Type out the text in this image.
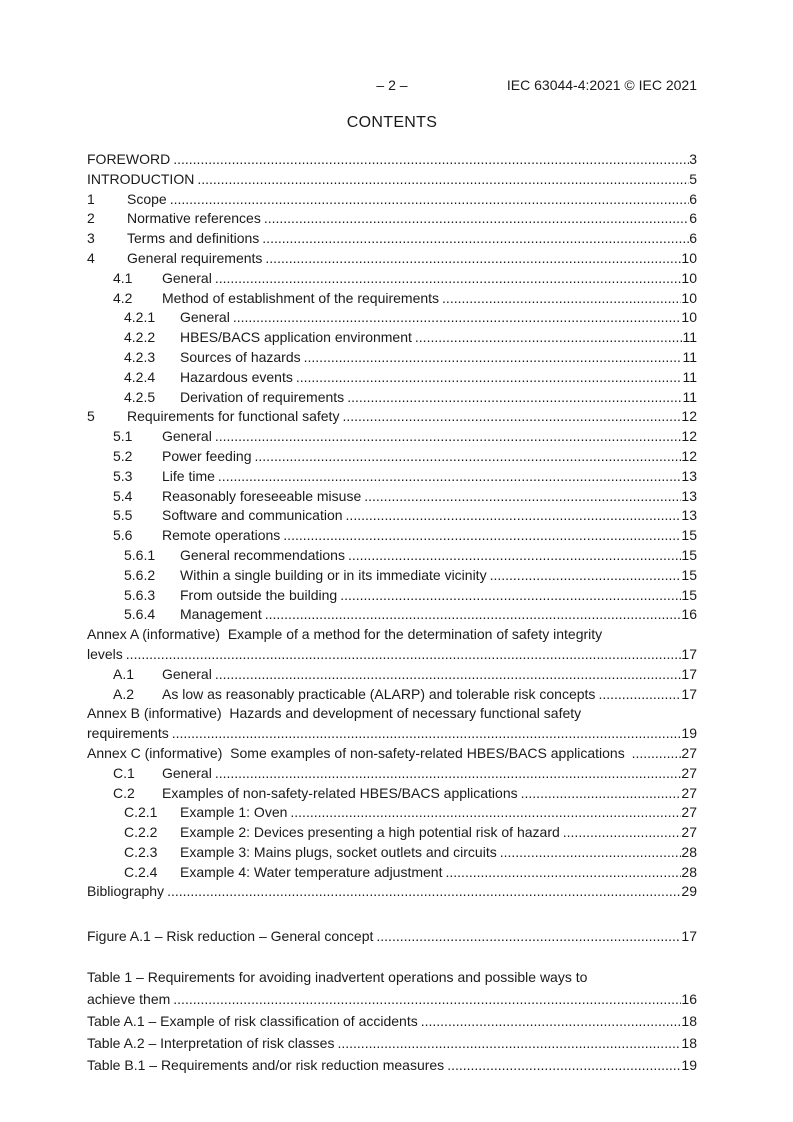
– 2 –	IEC 63044-4:2021 © IEC 2021
CONTENTS
FOREWORD .....	3
INTRODUCTION .....	5
1	Scope .....	6
2	Normative references .....	6
3	Terms and definitions .....	6
4	General requirements .....	10
4.1	General .....	10
4.2	Method of establishment of the requirements .....	10
4.2.1	General .....	10
4.2.2	HBES/BACS application environment .....	11
4.2.3	Sources of hazards .....	11
4.2.4	Hazardous events .....	11
4.2.5	Derivation of requirements .....	11
5	Requirements for functional safety .....	12
5.1	General .....	12
5.2	Power feeding .....	12
5.3	Life time .....	13
5.4	Reasonably foreseeable misuse .....	13
5.5	Software and communication .....	13
5.6	Remote operations .....	15
5.6.1	General recommendations .....	15
5.6.2	Within a single building or in its immediate vicinity .....	15
5.6.3	From outside the building .....	15
5.6.4	Management .....	16
Annex A (informative)  Example of a method for the determination of safety integrity
levels .....	17
A.1	General .....	17
A.2	As low as reasonably practicable (ALARP) and tolerable risk concepts .....	17
Annex B (informative)  Hazards and development of necessary functional safety
requirements .....	19
Annex C (informative)  Some examples of non-safety-related HBES/BACS applications .....	27
C.1	General .....	27
C.2	Examples of non-safety-related HBES/BACS applications .....	27
C.2.1	Example 1: Oven .....	27
C.2.2	Example 2: Devices presenting a high potential risk of hazard .....	27
C.2.3	Example 3: Mains plugs, socket outlets and circuits .....	28
C.2.4	Example 4: Water temperature adjustment .....	28
Bibliography .....	29
Figure A.1 – Risk reduction – General concept .....	17
Table 1 – Requirements for avoiding inadvertent operations and possible ways to
achieve them .....	16
Table A.1 – Example of risk classification of accidents .....	18
Table A.2 – Interpretation of risk classes .....	18
Table B.1 – Requirements and/or risk reduction measures .....	19
